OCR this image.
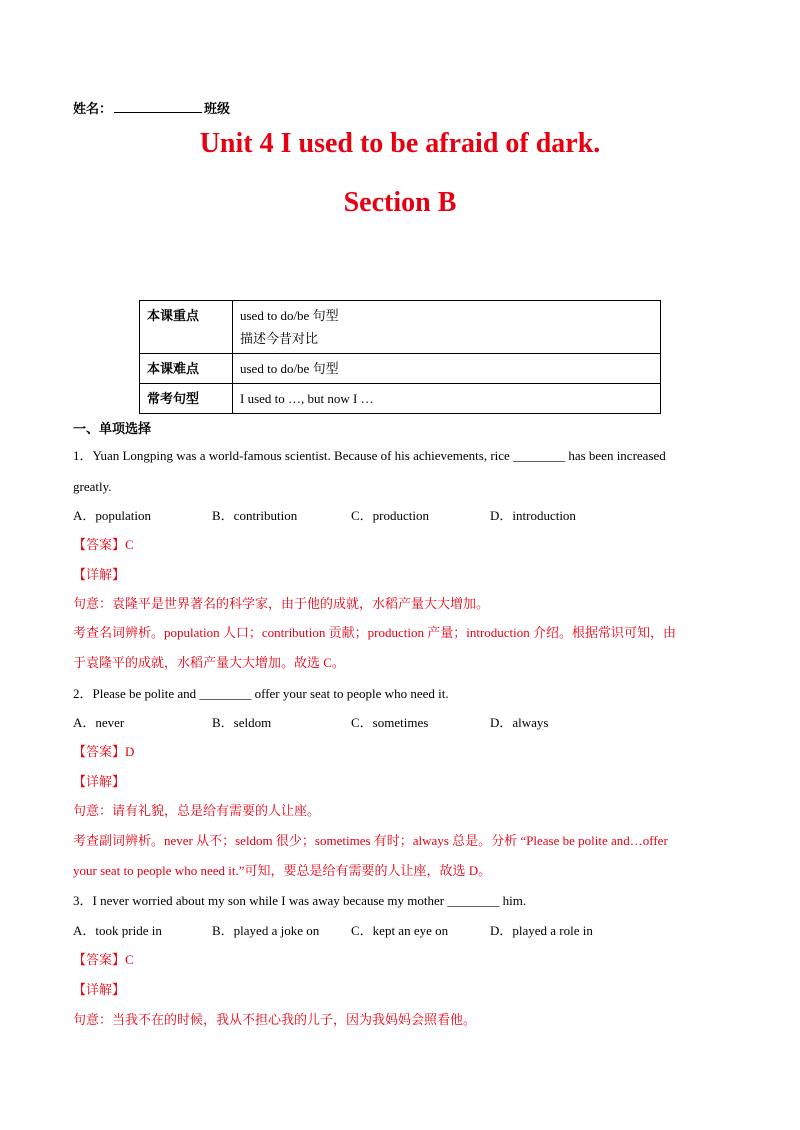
姓名：	班级
Unit 4 I used to be afraid of dark.
Section B
本课重点	used to do/be 句型
描述今昔对比

本课难点	used to do/be 句型

常考句型	I used to …, but now I …
一、单项选择
1．Yuan Longping was a world-famous scientist. Because of his achievements, rice ________ has been increased
greatly.
A．population	B．contribution	C．production	D．introduction
【答案】C
【详解】
句意：袁隆平是世界著名的科学家，由于他的成就，水稻产量大大增加。
考查名词辨析。population 人口；contribution 贡献；production 产量；introduction 介绍。根据常识可知，由
于袁隆平的成就，水稻产量大大增加。故选 C。
2．Please be polite and ________ offer your seat to people who need it.
A．never	B．seldom	C．sometimes	D．always
【答案】D
【详解】
句意：请有礼貌，总是给有需要的人让座。
考查副词辨析。never 从不；seldom 很少；sometimes 有时；always 总是。分析 “Please be polite and…offer
your seat to people who need it.”可知，要总是给有需要的人让座，故选 D。
3．I never worried about my son while I was away because my mother ________ him.
A．took pride in	B．played a joke on C．kept an eye on	D．played a role in
【答案】C
【详解】
句意：当我不在的时候，我从不担心我的儿子，因为我妈妈会照看他。
